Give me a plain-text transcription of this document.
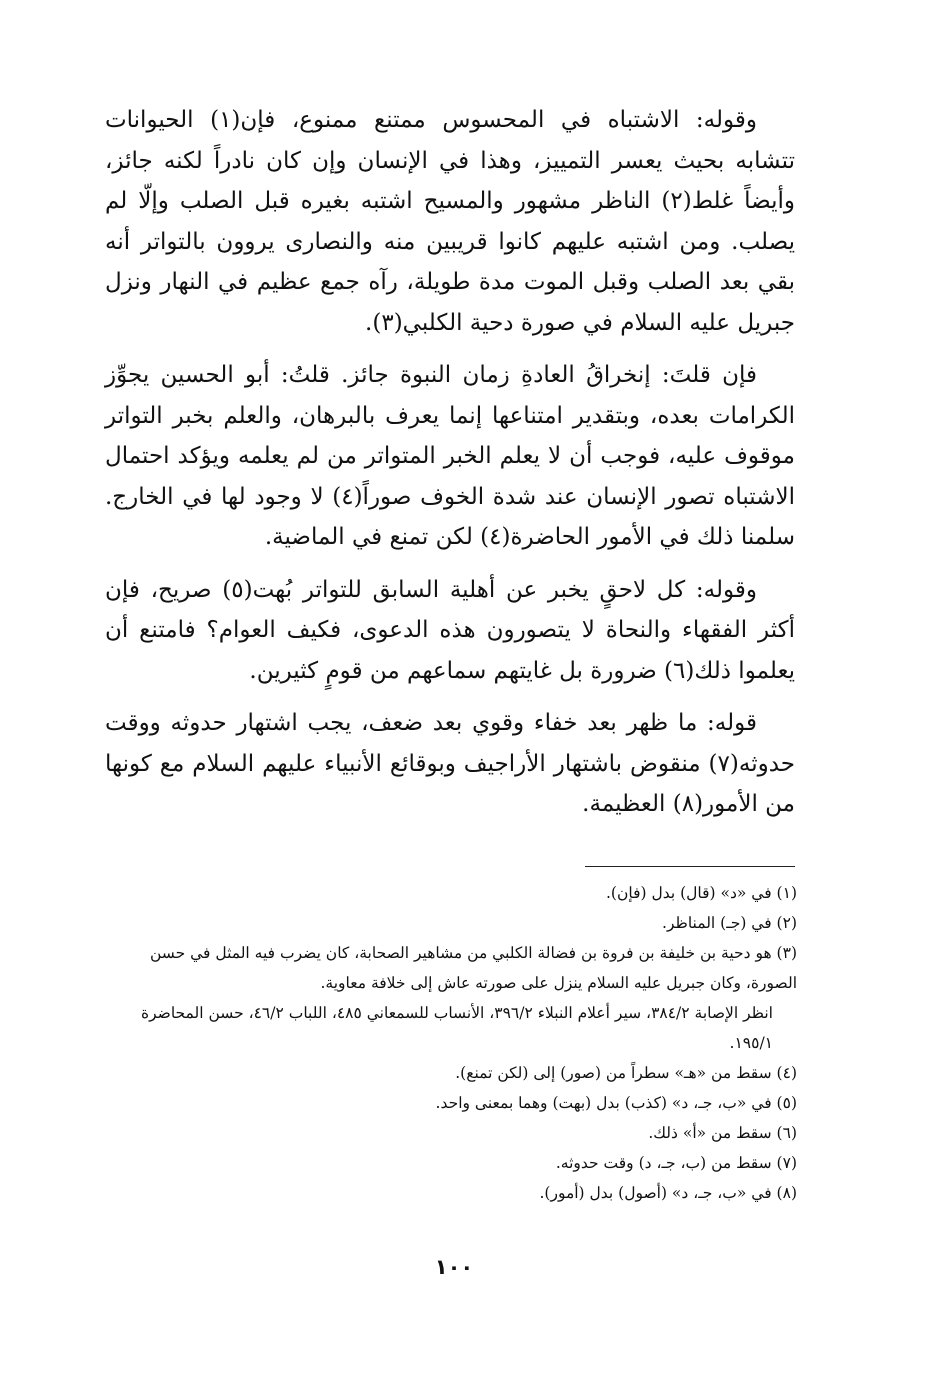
وقوله: الاشتباه في المحسوس ممتنع ممنوع، فإن(١) الحيوانات تتشابه بحيث يعسر التمييز، وهذا في الإنسان وإن كان نادراً لكنه جائز، وأيضاً غلط(٢) الناظر مشهور والمسيح اشتبه بغيره قبل الصلب وإلّا لم يصلب. ومن اشتبه عليهم كانوا قريبين منه والنصارى يروون بالتواتر أنه بقي بعد الصلب وقبل الموت مدة طويلة، رآه جمع عظيم في النهار ونزل جبريل عليه السلام في صورة دحية الكلبي(٣).

فإن قلتَ: إنخراقُ العادةِ زمان النبوة جائز. قلتُ: أبو الحسين يجوِّز الكرامات بعده، وبتقدير امتناعها إنما يعرف بالبرهان، والعلم بخبر التواتر موقوف عليه، فوجب أن لا يعلم الخبر المتواتر من لم يعلمه ويؤكد احتمال الاشتباه تصور الإنسان عند شدة الخوف صوراً(٤) لا وجود لها في الخارج. سلمنا ذلك في الأمور الحاضرة(٤) لكن تمنع في الماضية.

وقوله: كل لاحقٍ يخبر عن أهلية السابق للتواتر بُهت(٥) صريح، فإن أكثر الفقهاء والنحاة لا يتصورون هذه الدعوى، فكيف العوام؟ فامتنع أن يعلموا ذلك(٦) ضرورة بل غايتهم سماعهم من قومٍ كثيرين.

قوله: ما ظهر بعد خفاء وقوي بعد ضعف، يجب اشتهار حدوثه ووقت حدوثه(٧) منقوض باشتهار الأراجيف وبوقائع الأنبياء عليهم السلام مع كونها من الأمور(٨) العظيمة.

(١) في «د» (قال) بدل (فإن).

(٢) في (جـ) المناظر.

(٣) هو دحية بن خليفة بن فروة بن فضالة الكلبي من مشاهير الصحابة، كان يضرب فيه المثل في حسن الصورة، وكان جبريل عليه السلام ينزل على صورته عاش إلى خلافة معاوية.

انظر الإصابة ٣٨٤/٢، سير أعلام النبلاء ٣٩٦/٢، الأنساب للسمعاني ٤٨٥، اللباب ٤٦/٢، حسن المحاضرة ١٩٥/١.

(٤) سقط من «هـ» سطراً من (صور) إلى (لكن تمنع).

(٥) في «ب، جـ، د» (كذب) بدل (بهت) وهما بمعنى واحد.

(٦) سقط من «أ» ذلك.

(٧) سقط من (ب، جـ، د) وقت حدوثه.

(٨) في «ب، جـ، د» (أصول) بدل (أمور).

١٠٠
